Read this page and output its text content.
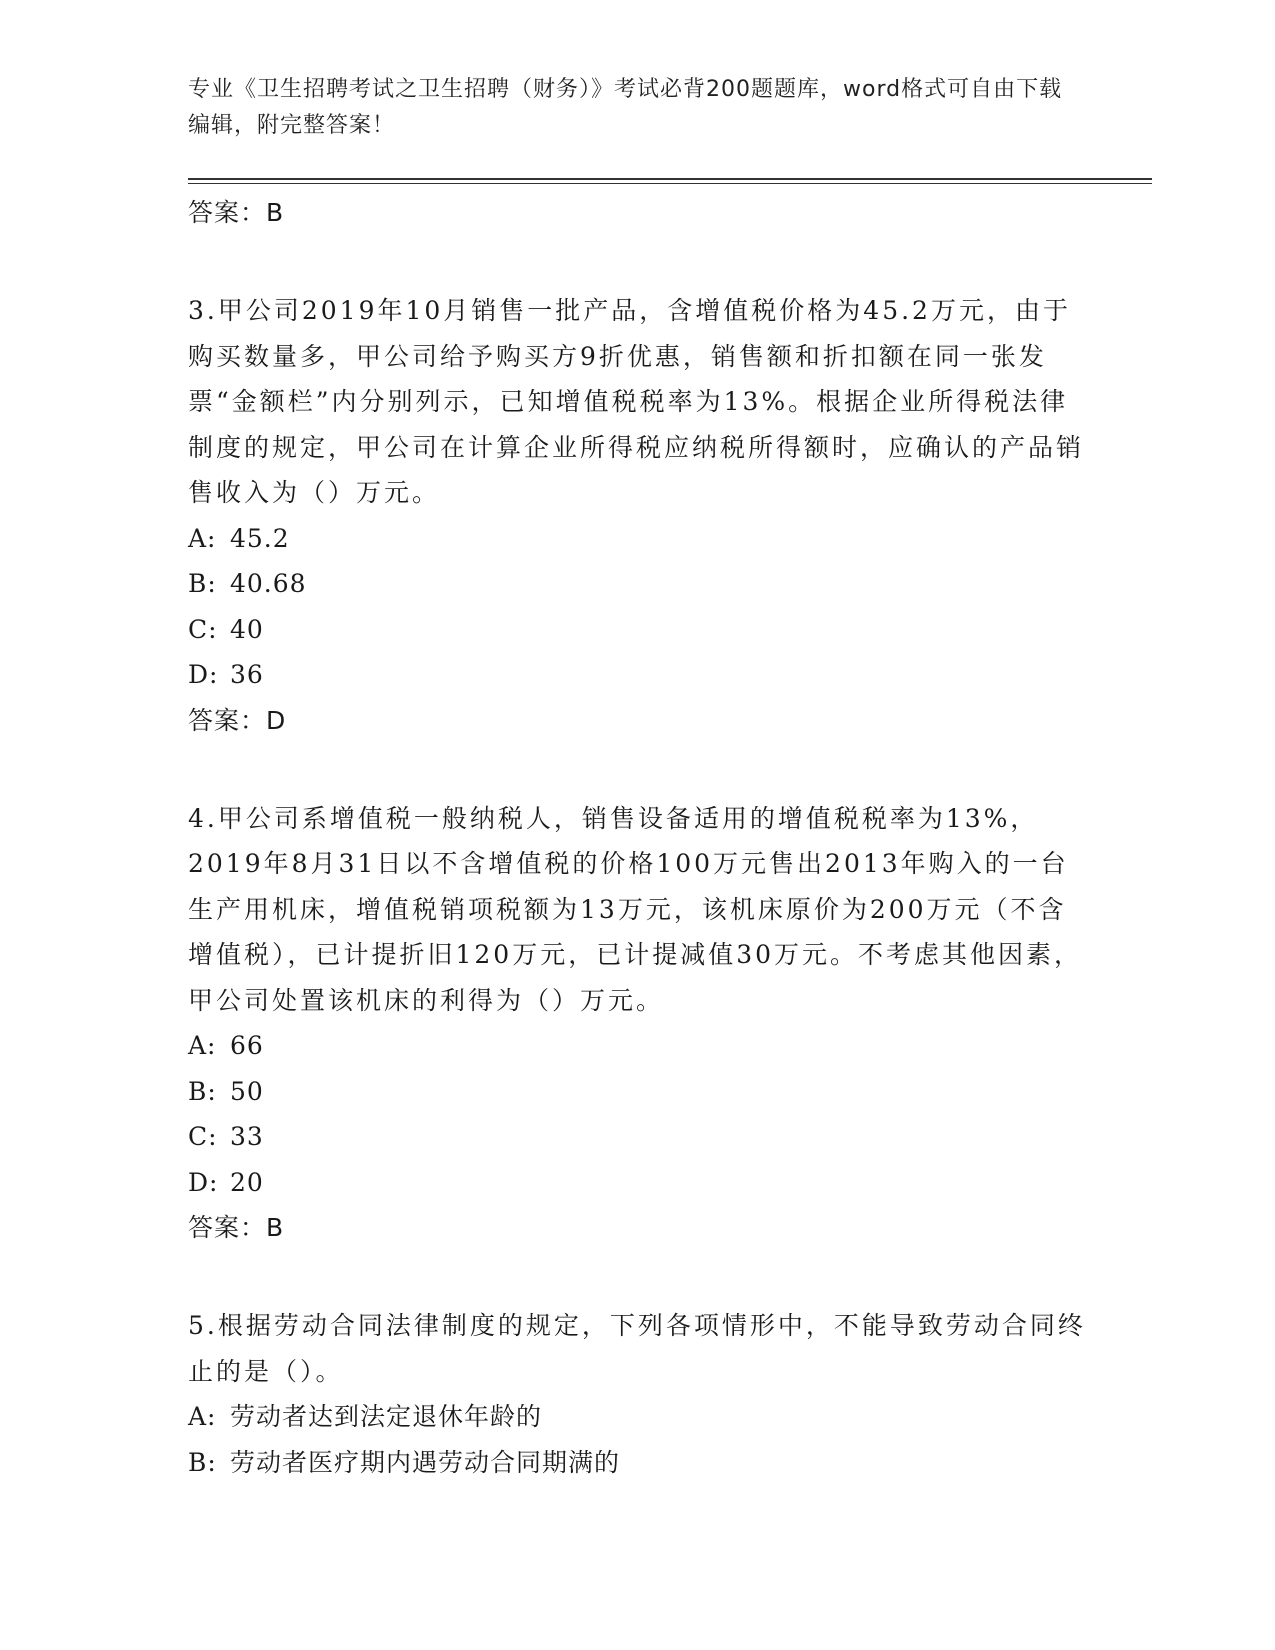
专业《卫生招聘考试之卫生招聘（财务）》考试必背200题题库，word格式可自由下载编辑，附完整答案！
答案：B

3.甲公司2019年10月销售一批产品，含增值税价格为45.2万元，由于购买数量多，甲公司给予购买方9折优惠，销售额和折扣额在同一张发票“金额栏”内分别列示，已知增值税税率为13%。根据企业所得税法律制度的规定，甲公司在计算企业所得税应纳税所得额时，应确认的产品销售收入为（）万元。

A: 45.2
B: 40.68
C: 40
D: 36
答案：D

4.甲公司系增值税一般纳税人，销售设备适用的增值税税率为13%，2019年8月31日以不含增值税的价格100万元售出2013年购入的一台生产用机床，增值税销项税额为13万元，该机床原价为200万元（不含增值税），已计提折旧120万元，已计提减值30万元。不考虑其他因素，甲公司处置该机床的利得为（）万元。

A: 66
B: 50
C: 33
D: 20
答案：B

5.根据劳动合同法律制度的规定，下列各项情形中，不能导致劳动合同终止的是（）。

A: 劳动者达到法定退休年龄的
B: 劳动者医疗期内遇劳动合同期满的
